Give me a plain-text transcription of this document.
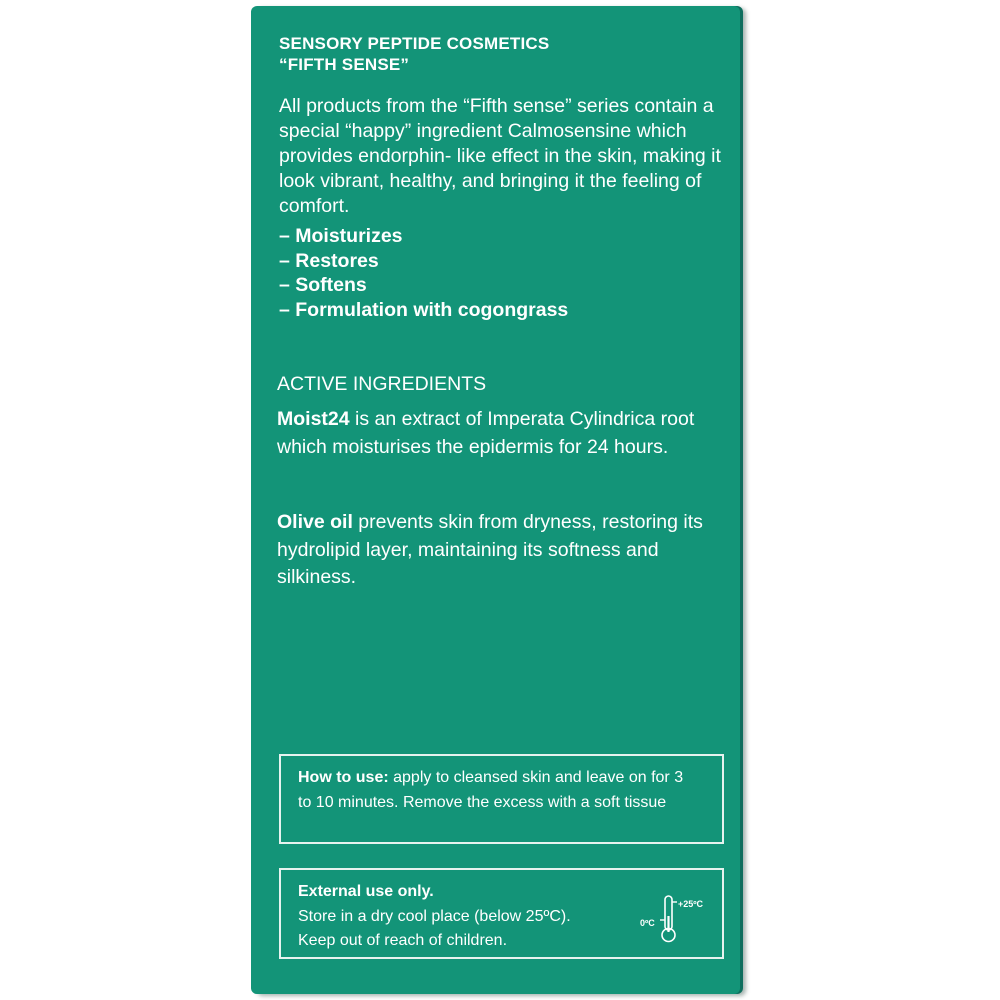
SENSORY PEPTIDE COSMETICS
“FIFTH SENSE”
All products from the “Fifth sense” series contain a special “happy” ingredient Calmosensine which provides endorphin- like effect in the skin, making it look vibrant, healthy, and bringing it the feeling of comfort.
– Moisturizes
– Restores
– Softens
– Formulation with cogongrass
ACTIVE INGREDIENTS
Moist24 is an extract of Imperata Cylindrica root which moisturises the epidermis for 24 hours.
Olive oil prevents skin from dryness, restoring its hydrolipid layer, maintaining its softness and silkiness.
How to use: apply to cleansed skin and leave on for 3 to 10 minutes. Remove the excess with a soft tissue
External use only.
Store in a dry cool place (below 25ºC).
Keep out of reach of children.
+25ºC
0ºC
